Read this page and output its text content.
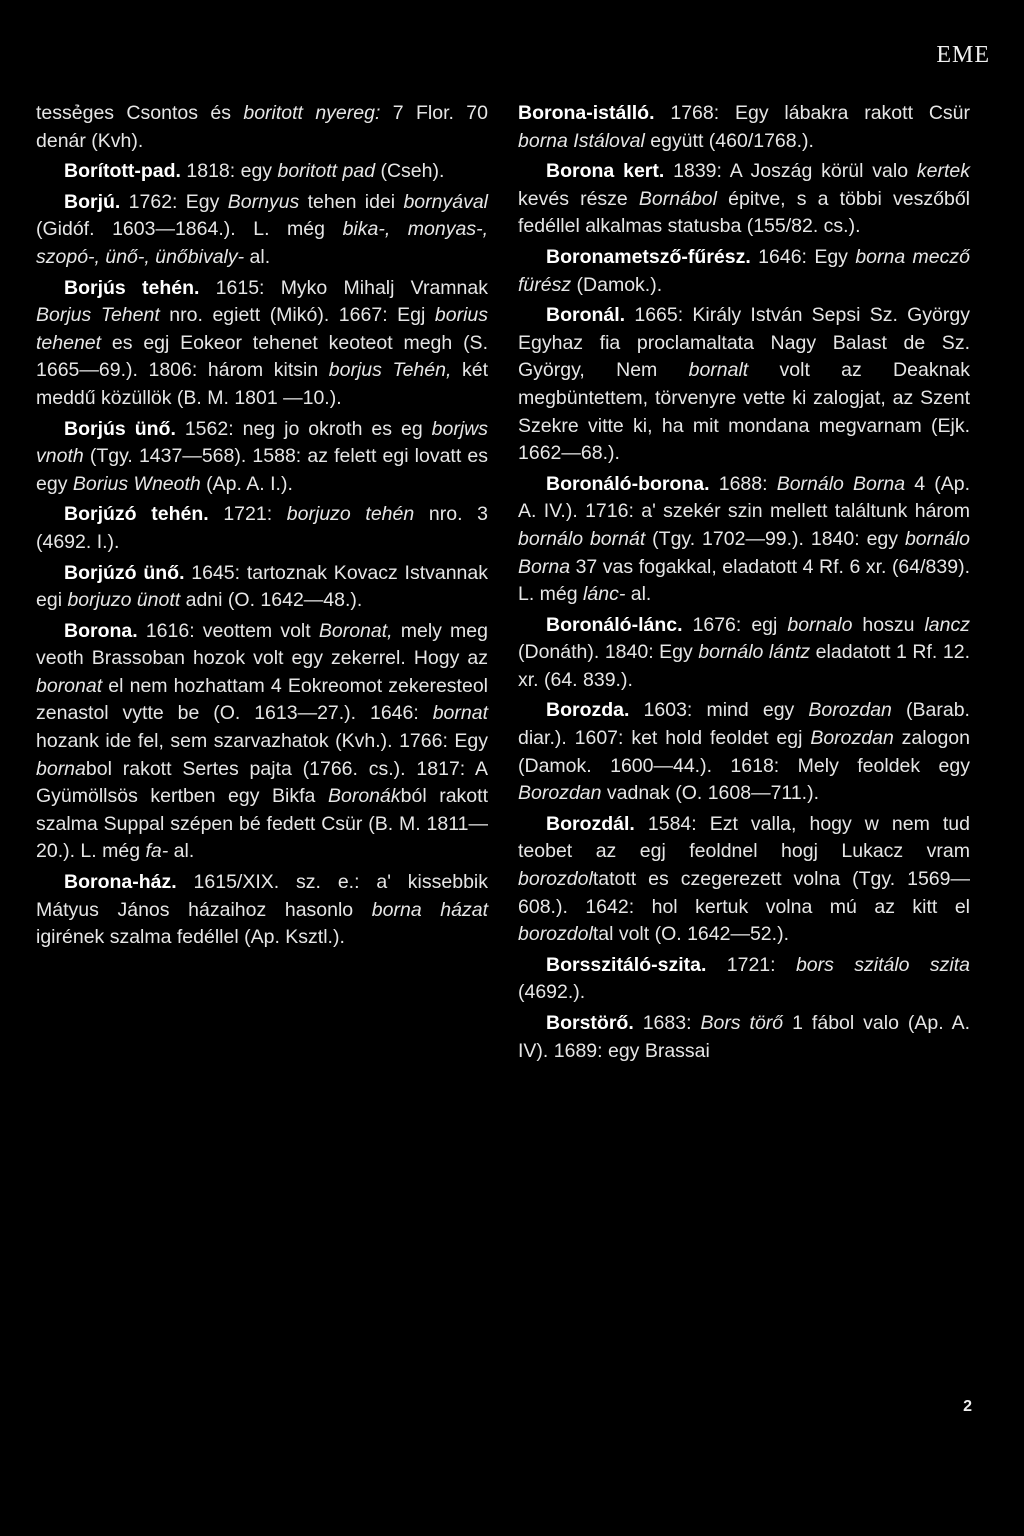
EME

tessẻges Csontos és boritott nyereg: 7 Flor. 70 denár (Kvh).

Borított-pad. 1818: egy boritott pad (Cseh).

Borjú. 1762: Egy Bornyus tehen idei bornyával (Gidóf. 1603—1864.). L. még bika-, monyas-, szopó-, ünő-, ünőbivaly- al.

Borjús tehén. 1615: Myko Mihalj Vramnak Borjus Tehent nro. egiett (Mikó). 1667: Egj borius tehenet es egj Eokeor tehenet keoteot megh (S. 1665—69.). 1806: három kitsin borjus Tehén, két meddű közüllök (B. M. 1801 —10.).

Borjús ünő. 1562: neg jo okroth es eg borjws vnoth (Tgy. 1437—568). 1588: az felett egi lovatt es egy Borius Wneoth (Ap. A. I.).

Borjúzó tehén. 1721: borjuzo tehén nro. 3 (4692. I.).

Borjúzó ünő. 1645: tartoznak Kovacz Istvannak egi borjuzo ünott adni (O. 1642—48.).

Borona. 1616: veottem volt Boronat, mely meg veoth Brassoban hozok volt egy zekerrel. Hogy az boronat el nem hozhattam 4 Eokreomot zekeresteol zenastol vytte be (O. 1613—27.). 1646: bornat hozank ide fel, sem szarvazhatok (Kvh.). 1766: Egy bornabol rakott Sertes pajta (1766. cs.). 1817: A Gyümöllsös kertben egy Bikfa Boronákból rakott szalma Suppal szépen bé fedett Csür (B. M. 1811—20.). L. még fa- al.

Borona-ház. 1615/XIX. sz. e.: a' kissebbik Mátyus János házaihoz hasonlo borna házat igirének szalma fedéllel (Ap. Ksztl.).

Borona-istálló. 1768: Egy lábakra rakott Csür borna Istáloval együtt (460/1768.).

Borona kert. 1839: A Joszág körül valo kertek kevés része Bornábol épitve, s a többi veszőből fedéllel alkalmas statusba (155/82. cs.).

Boronametsző-fűrész. 1646: Egy borna mecző fürész (Damok.).

Boronál. 1665: Király István Sepsi Sz. György Egyhaz fia proclamaltata Nagy Balast de Sz. György, Nem bornalt volt az Deaknak megbüntettem, törvenyre vette ki zalogjat, az Szent Szekre vitte ki, ha mit mondana megvarnam (Ejk. 1662—68.).

Boronáló-borona. 1688: Bornálo Borna 4 (Ap. A. IV.). 1716: a' szekér szin mellett találtunk három bornálo bornát (Tgy. 1702—99.). 1840: egy bornálo Borna 37 vas fogakkal, eladatott 4 Rf. 6 xr. (64/839). L. még lánc- al.

Boronáló-lánc. 1676: egj bornalo hoszu lancz (Donáth). 1840: Egy bornálo lántz eladatott 1 Rf. 12. xr. (64. 839.).

Borozda. 1603: mind egy Borozdan (Barab. diar.). 1607: ket hold feoldet egj Borozdan zalogon (Damok. 1600—44.). 1618: Mely feoldek egy Borozdan vadnak (O. 1608—711.).

Borozdál. 1584: Ezt valla, hogy w nem tud teobet az egj feoldnel hogj Lukacz vram borozdoltatott es czegerezett volna (Tgy. 1569—608.). 1642: hol kertuk volna mú az kitt el borozdoltal volt (O. 1642—52.).

Borsszitáló-szita. 1721: bors szitálo szita (4692.).

Borstörő. 1683: Bors törő 1 fábol valo (Ap. A. IV). 1689: egy Brassai

2
